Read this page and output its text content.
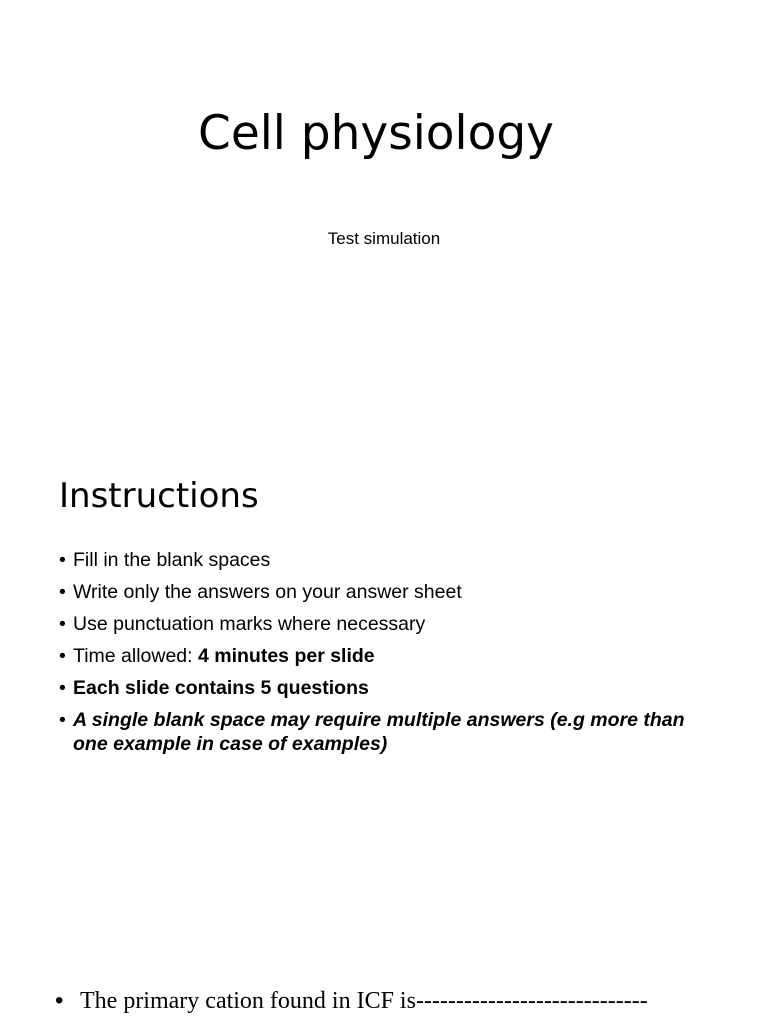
Cell physiology

Test simulation

Instructions
• Fill in the blank spaces
• Write only the answers on your answer sheet
• Use punctuation marks where necessary
• Time allowed: 4 minutes per slide
• Each slide contains 5 questions
• A single blank space may require multiple answers (e.g more than one example in case of examples)

• The primary cation found in ICF is-----------------------------
